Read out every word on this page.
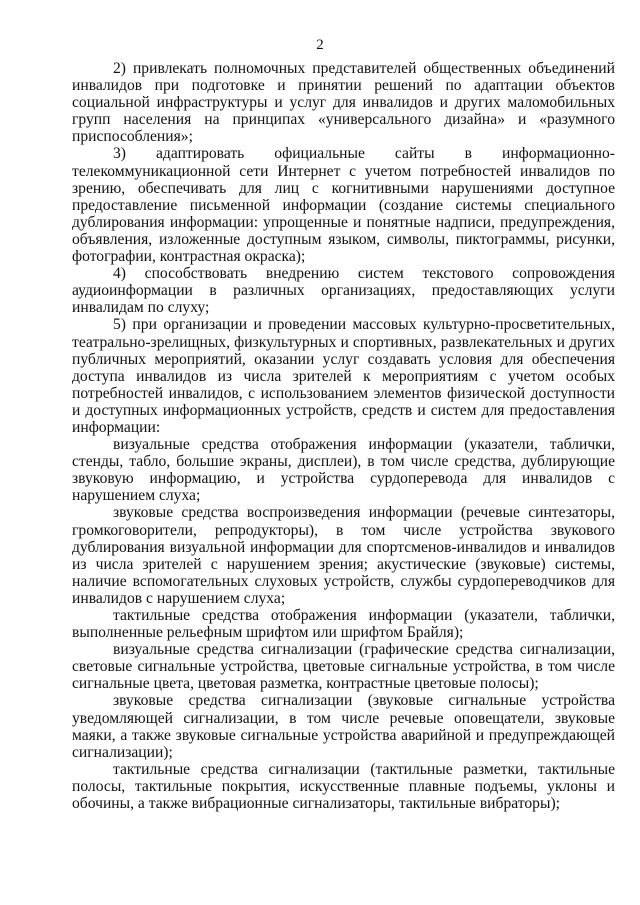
2

2) привлекать полномочных представителей общественных объединений инвалидов при подготовке и принятии решений по адаптации объектов социальной инфраструктуры и услуг для инвалидов и других маломобильных групп населения на принципах «универсального дизайна» и «разумного приспособления»;

3) адаптировать официальные сайты в информационно-телекоммуникационной сети Интернет с учетом потребностей инвалидов по зрению, обеспечивать для лиц с когнитивными нарушениями доступное предоставление письменной информации (создание системы специального дублирования информации: упрощенные и понятные надписи, предупреждения, объявления, изложенные доступным языком, символы, пиктограммы, рисунки, фотографии, контрастная окраска);

4) способствовать внедрению систем текстового сопровождения аудиоинформации в различных организациях, предоставляющих услуги инвалидам по слуху;

5) при организации и проведении массовых культурно-просветительных, театрально-зрелищных, физкультурных и спортивных, развлекательных и других публичных мероприятий, оказании услуг создавать условия для обеспечения доступа инвалидов из числа зрителей к мероприятиям с учетом особых потребностей инвалидов, с использованием элементов физической доступности и доступных информационных устройств, средств и систем для предоставления информации:

визуальные средства отображения информации (указатели, таблички, стенды, табло, большие экраны, дисплеи), в том числе средства, дублирующие звуковую информацию, и устройства сурдоперевода для инвалидов с нарушением слуха;

звуковые средства воспроизведения информации (речевые синтезаторы, громкоговорители, репродукторы), в том числе устройства звукового дублирования визуальной информации для спортсменов-инвалидов и инвалидов из числа зрителей с нарушением зрения; акустические (звуковые) системы, наличие вспомогательных слуховых устройств, службы сурдопереводчиков для инвалидов с нарушением слуха;

тактильные средства отображения информации (указатели, таблички, выполненные рельефным шрифтом или шрифтом Брайля);

визуальные средства сигнализации (графические средства сигнализации, световые сигнальные устройства, цветовые сигнальные устройства, в том числе сигнальные цвета, цветовая разметка, контрастные цветовые полосы);

звуковые средства сигнализации (звуковые сигнальные устройства уведомляющей сигнализации, в том числе речевые оповещатели, звуковые маяки, а также звуковые сигнальные устройства аварийной и предупреждающей сигнализации);

тактильные средства сигнализации (тактильные разметки, тактильные полосы, тактильные покрытия, искусственные плавные подъемы, уклоны и обочины, а также вибрационные сигнализаторы, тактильные вибраторы);
